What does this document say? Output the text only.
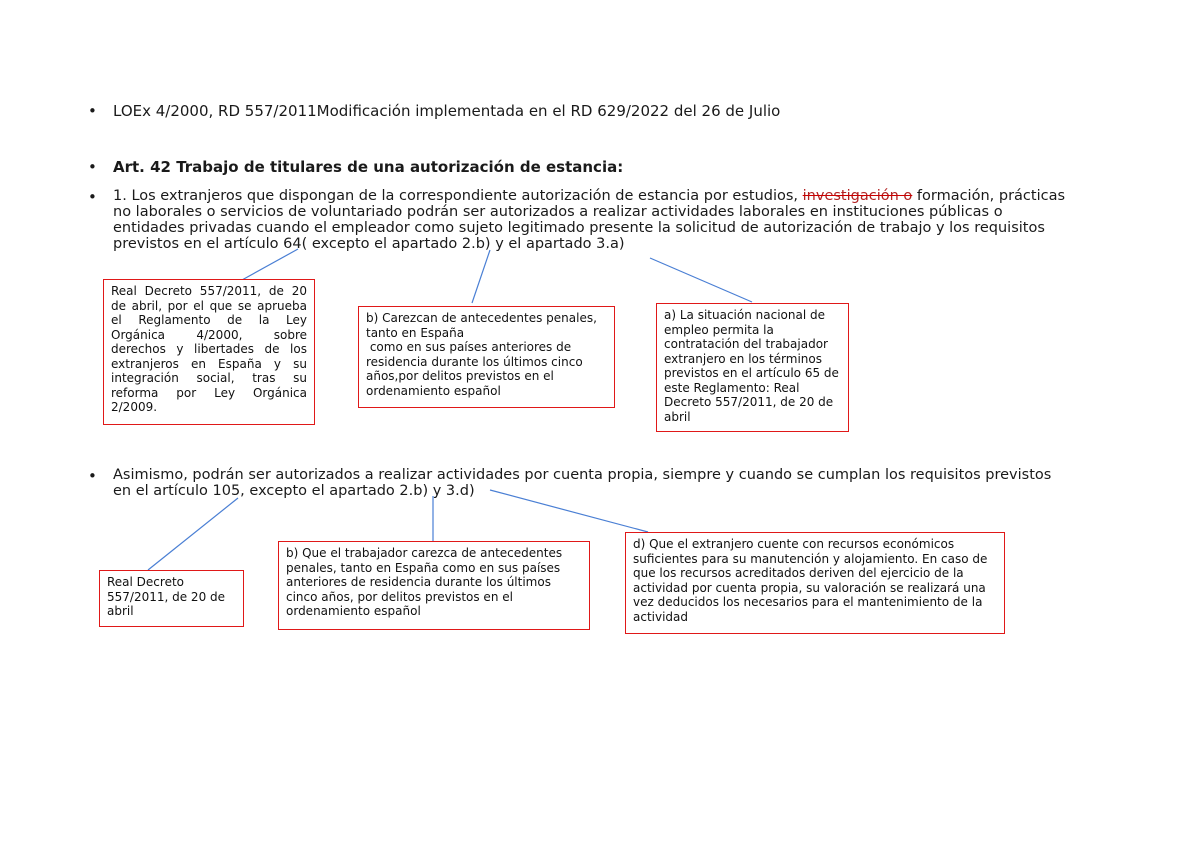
• LOEx 4/2000, RD 557/2011Modificación implementada en el RD 629/2022 del 26 de Julio
• Art. 42 Trabajo de titulares de una autorización de estancia:
• 1. Los extranjeros que dispongan de la correspondiente autorización de estancia por estudios, investigación o formación, prácticas
no laborales o servicios de voluntariado podrán ser autorizados a realizar actividades laborales en instituciones públicas o
entidades privadas cuando el empleador como sujeto legitimado presente la solicitud de autorización de trabajo y los requisitos
previstos en el artículo 64( excepto el apartado 2.b) y el apartado 3.a)
Real Decreto 557/2011, de 20 de abril, por el que se aprueba el Reglamento de la Ley Orgánica 4/2000, sobre derechos y libertades de los extranjeros en España y su integración social, tras su reforma por Ley Orgánica 2/2009.
b) Carezcan de antecedentes penales, tanto en España
como en sus países anteriores de residencia durante los últimos cinco años,por delitos previstos en el ordenamiento español
a) La situación nacional de empleo permita la contratación del trabajador extranjero en los términos previstos en el artículo 65 de este Reglamento: Real Decreto 557/2011, de 20 de abril
• Asimismo, podrán ser autorizados a realizar actividades por cuenta propia, siempre y cuando se cumplan los requisitos previstos
en el artículo 105, excepto el apartado 2.b) y 3.d)
Real Decreto 557/2011, de 20 de abril
b) Que el trabajador carezca de antecedentes penales, tanto en España como en sus países anteriores de residencia durante los últimos cinco años, por delitos previstos en el ordenamiento español
d) Que el extranjero cuente con recursos económicos suficientes para su manutención y alojamiento. En caso de que los recursos acreditados deriven del ejercicio de la actividad por cuenta propia, su valoración se realizará una vez deducidos los necesarios para el mantenimiento de la actividad
